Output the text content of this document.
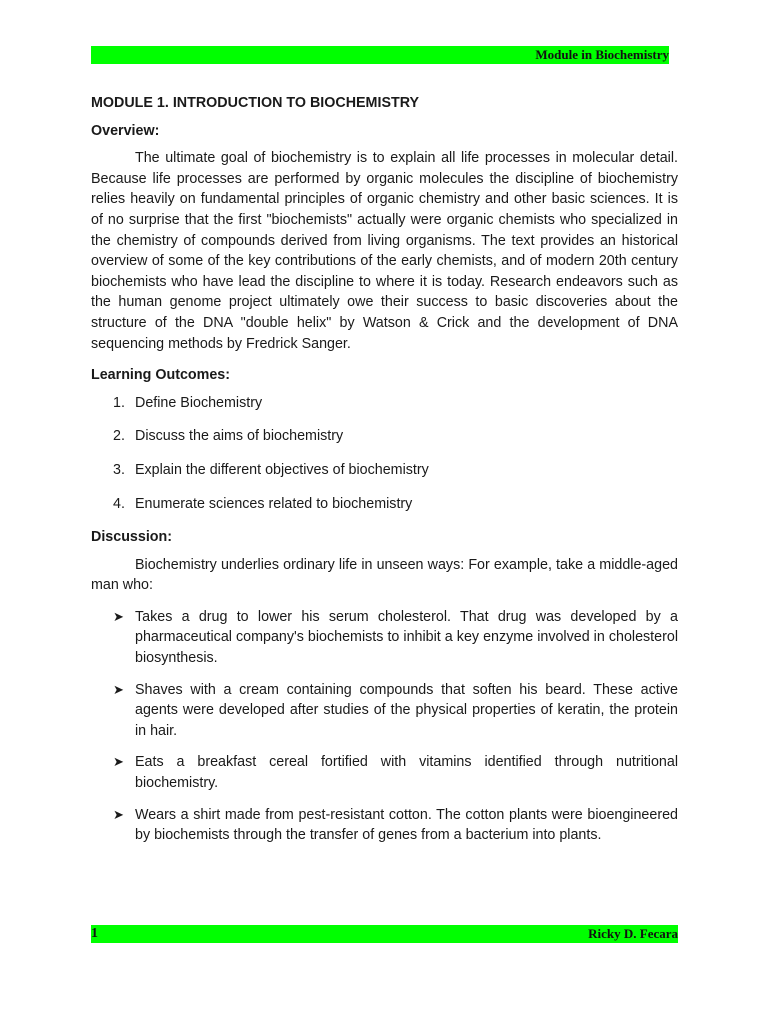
Module in Biochemistry
MODULE 1. INTRODUCTION TO BIOCHEMISTRY
Overview:

The ultimate goal of biochemistry is to explain all life processes in molecular detail. Because life processes are performed by organic molecules the discipline of biochemistry relies heavily on fundamental principles of organic chemistry and other basic sciences. It is of no surprise that the first "biochemists" actually were organic chemists who specialized in the chemistry of compounds derived from living organisms. The text provides an historical overview of some of the key contributions of the early chemists, and of modern 20th century biochemists who have lead the discipline to where it is today. Research endeavors such as the human genome project ultimately owe their success to basic discoveries about the structure of the DNA "double helix" by Watson & Crick and the development of DNA sequencing methods by Fredrick Sanger.

Learning Outcomes:
1. Define Biochemistry
2. Discuss the aims of biochemistry
3. Explain the different objectives of biochemistry
4. Enumerate sciences related to biochemistry
Discussion:

Biochemistry underlies ordinary life in unseen ways: For example, take a middle-aged man who:

➤ Takes a drug to lower his serum cholesterol. That drug was developed by a pharmaceutical company's biochemists to inhibit a key enzyme involved in cholesterol biosynthesis.
➤ Shaves with a cream containing compounds that soften his beard. These active agents were developed after studies of the physical properties of keratin, the protein in hair.
➤ Eats a breakfast cereal fortified with vitamins identified through nutritional biochemistry.
➤ Wears a shirt made from pest-resistant cotton. The cotton plants were bioengineered by biochemists through the transfer of genes from a bacterium into plants.
1	Ricky D. Fecara
